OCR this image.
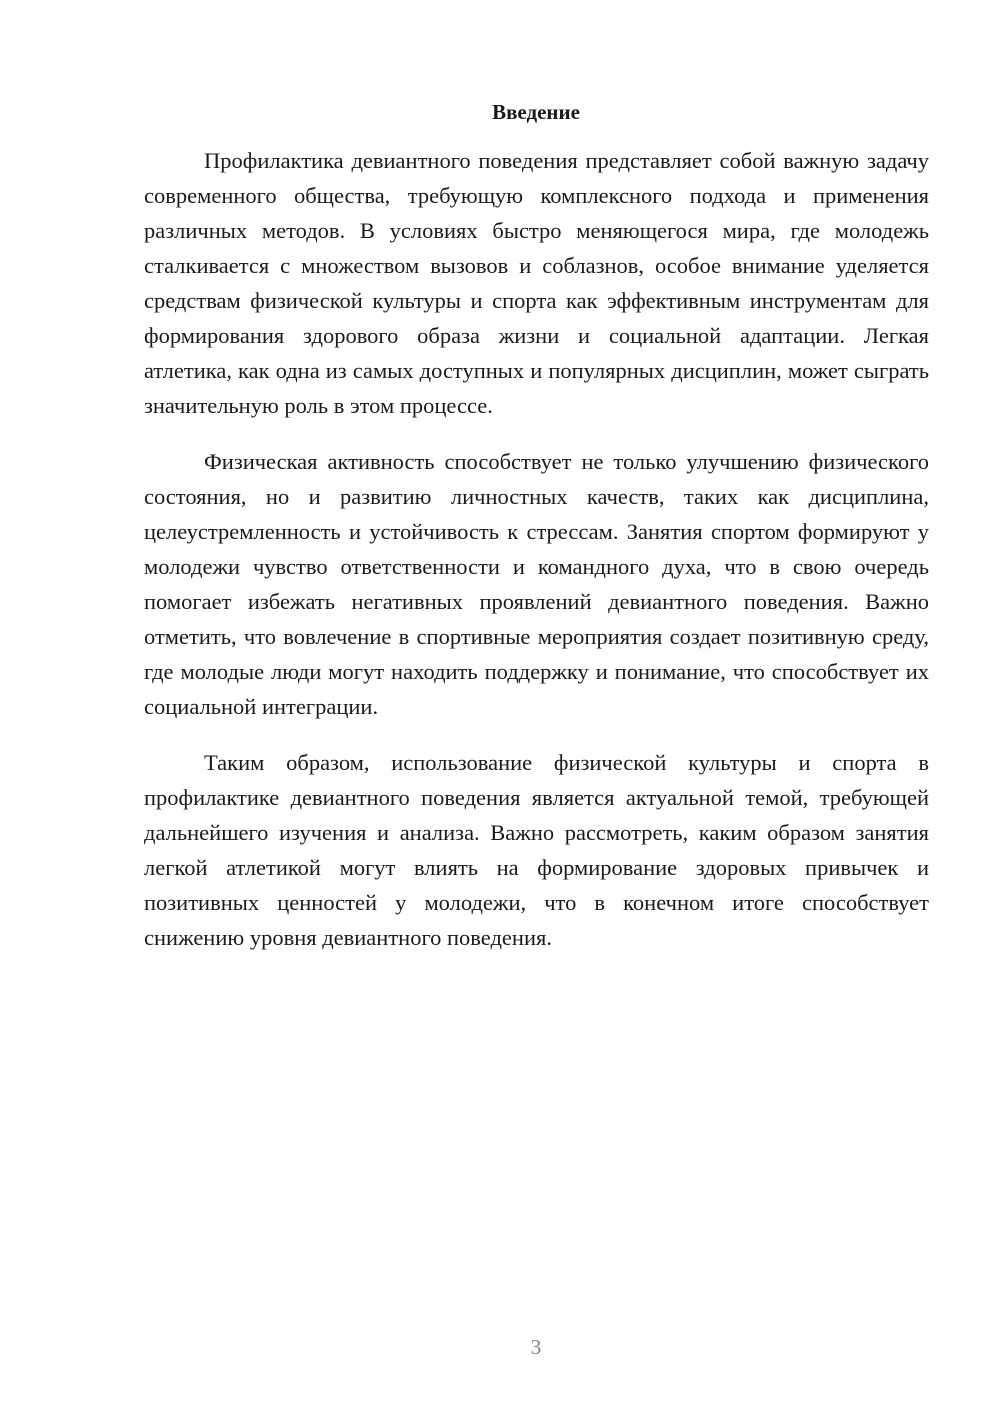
Введение

Профилактика девиантного поведения представляет собой важную задачу современного общества, требующую комплексного подхода и применения различных методов. В условиях быстро меняющегося мира, где молодежь сталкивается с множеством вызовов и соблазнов, особое внимание уделяется средствам физической культуры и спорта как эффективным инструментам для формирования здорового образа жизни и социальной адаптации. Легкая атлетика, как одна из самых доступных и популярных дисциплин, может сыграть значительную роль в этом процессе.

Физическая активность способствует не только улучшению физического состояния, но и развитию личностных качеств, таких как дисциплина, целеустремленность и устойчивость к стрессам. Занятия спортом формируют у молодежи чувство ответственности и командного духа, что в свою очередь помогает избежать негативных проявлений девиантного поведения. Важно отметить, что вовлечение в спортивные мероприятия создает позитивную среду, где молодые люди могут находить поддержку и понимание, что способствует их социальной интеграции.

Таким образом, использование физической культуры и спорта в профилактике девиантного поведения является актуальной темой, требующей дальнейшего изучения и анализа. Важно рассмотреть, каким образом занятия легкой атлетикой могут влиять на формирование здоровых привычек и позитивных ценностей у молодежи, что в конечном итоге способствует снижению уровня девиантного поведения.

3
